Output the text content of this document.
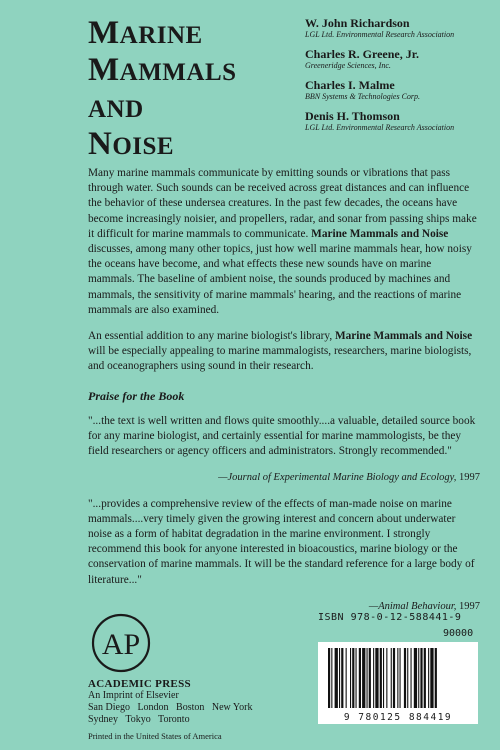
MARINE
MAMMALS
AND
NOISE
W. John Richardson
LGL Ltd. Environmental Research Association
Charles R. Greene, Jr.
Greeneridge Sciences, Inc.
Charles I. Malme
BBN Systems & Technologies Corp.
Denis H. Thomson
LGL Ltd. Environmental Research Association

Many marine mammals communicate by emitting sounds or vibrations that pass through water. Such sounds can be received across great distances and can influence the behavior of these undersea creatures. In the past few decades, the oceans have become increasingly noisier, and propellers, radar, and sonar from passing ships make it difficult for marine mammals to communicate. Marine Mammals and Noise discusses, among many other topics, just how well marine mammals hear, how noisy the oceans have become, and what effects these new sounds have on marine mammals. The baseline of ambient noise, the sounds produced by machines and mammals, the sensitivity of marine mammals' hearing, and the reactions of marine mammals are also examined.

An essential addition to any marine biologist's library, Marine Mammals and Noise will be especially appealing to marine mammalogists, researchers, marine biologists, and oceanographers using sound in their research.

Praise for the Book

"...the text is well written and flows quite smoothly....a valuable, detailed source book for any marine biologist, and certainly essential for marine mammologists, be they field researchers or agency officers and administrators. Strongly recommended."

—Journal of Experimental Marine Biology and Ecology, 1997

"...provides a comprehensive review of the effects of man-made noise on marine mammals....very timely given the growing interest and concern about underwater noise as a form of habitat degradation in the marine environment. I strongly recommend this book for anyone interested in bioacoustics, marine biology or the conservation of marine mammals. It will be the standard reference for a large body of literature..."

—Animal Behaviour, 1997

AP
ACADEMIC PRESS
An Imprint of Elsevier
San Diego   London   Boston   New York
Sydney   Tokyo   Toronto
Printed in the United States of America
ISBN 978-0-12-588441-9
90000
9 780125 884419
